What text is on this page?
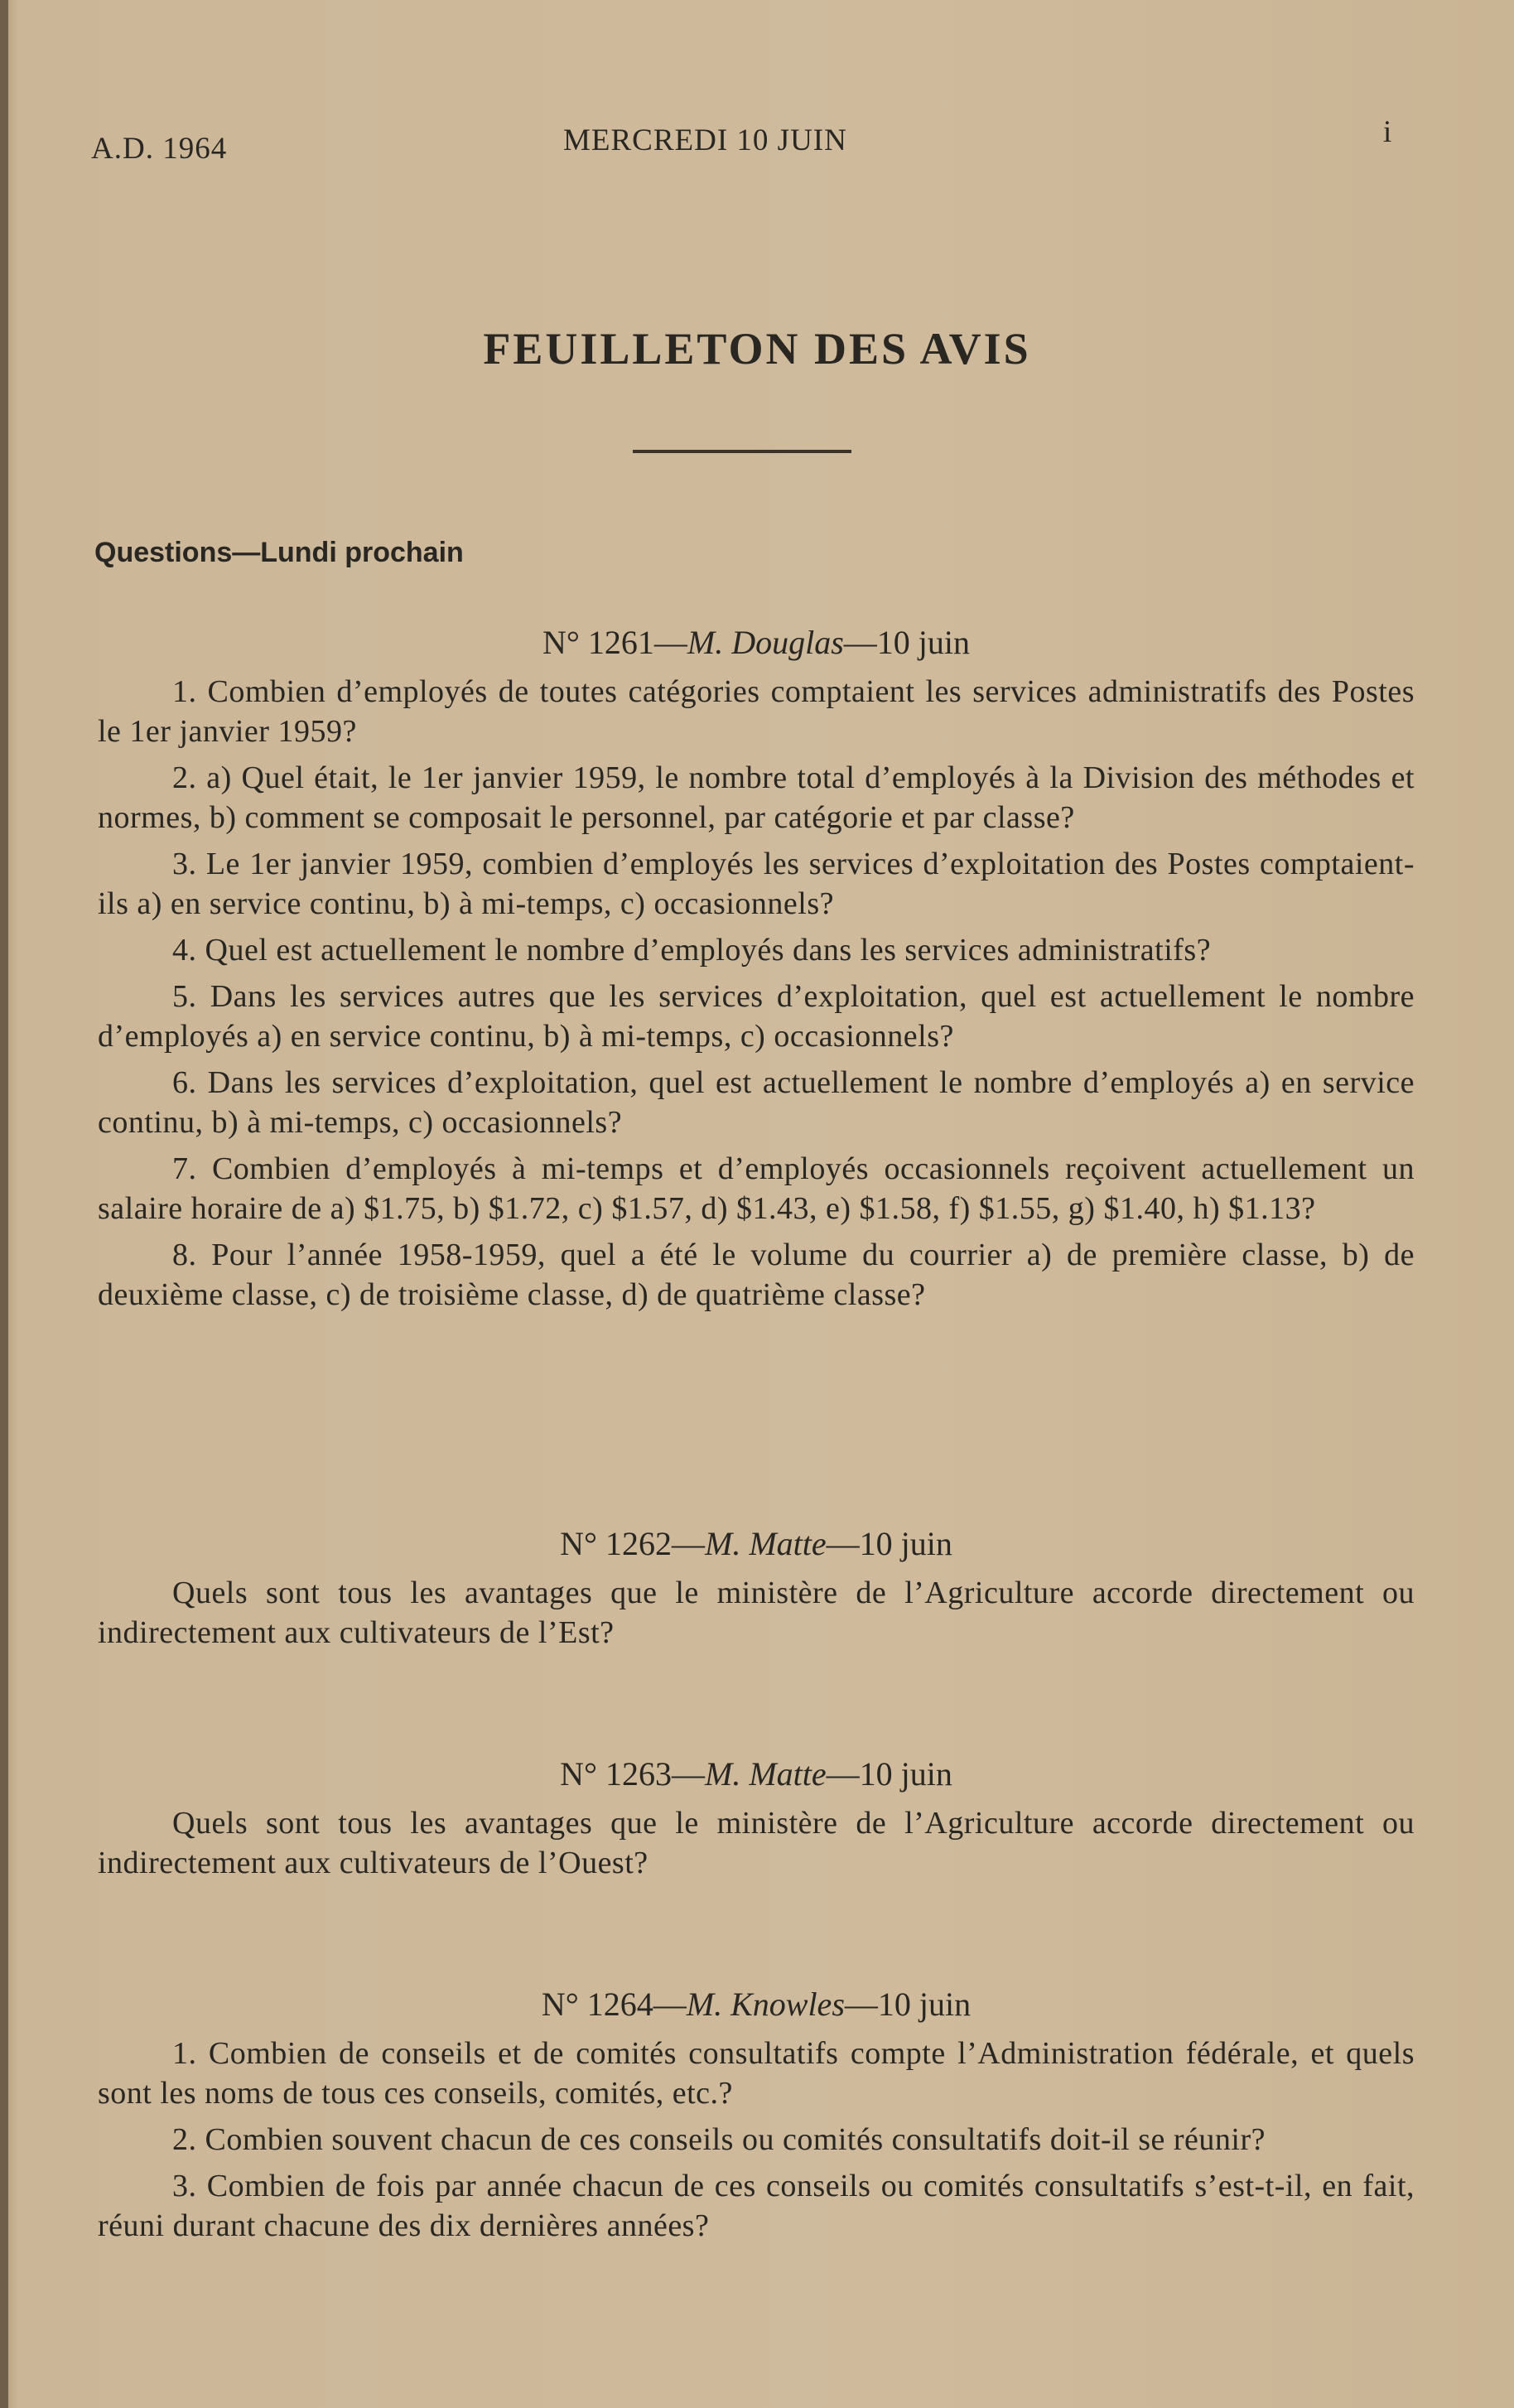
A.D. 1964	MERCREDI 10 JUIN	i
FEUILLETON DES AVIS
Questions—Lundi prochain
N° 1261—M. Douglas—10 juin

1. Combien d’employés de toutes catégories comptaient les services administratifs des Postes le 1er janvier 1959?

2. a) Quel était, le 1er janvier 1959, le nombre total d’employés à la Division des méthodes et normes, b) comment se composait le personnel, par catégorie et par classe?

3. Le 1er janvier 1959, combien d’employés les services d’exploitation des Postes comptaient-ils a) en service continu, b) à mi-temps, c) occasionnels?

4. Quel est actuellement le nombre d’employés dans les services administratifs?

5. Dans les services autres que les services d’exploitation, quel est actuellement le nombre d’employés a) en service continu, b) à mi-temps, c) occasionnels?

6. Dans les services d’exploitation, quel est actuellement le nombre d’employés a) en service continu, b) à mi-temps, c) occasionnels?

7. Combien d’employés à mi-temps et d’employés occasionnels reçoivent actuellement un salaire horaire de a) $1.75, b) $1.72, c) $1.57, d) $1.43, e) $1.58, f) $1.55, g) $1.40, h) $1.13?

8. Pour l’année 1958-1959, quel a été le volume du courrier a) de première classe, b) de deuxième classe, c) de troisième classe, d) de quatrième classe?

N° 1262—M. Matte—10 juin

Quels sont tous les avantages que le ministère de l’Agriculture accorde directement ou indirectement aux cultivateurs de l’Est?

N° 1263—M. Matte—10 juin

Quels sont tous les avantages que le ministère de l’Agriculture accorde directement ou indirectement aux cultivateurs de l’Ouest?

N° 1264—M. Knowles—10 juin

1. Combien de conseils et de comités consultatifs compte l’Administration fédérale, et quels sont les noms de tous ces conseils, comités, etc.?

2. Combien souvent chacun de ces conseils ou comités consultatifs doit-il se réunir?

3. Combien de fois par année chacun de ces conseils ou comités consultatifs s’est-t-il, en fait, réuni durant chacune des dix dernières années?
